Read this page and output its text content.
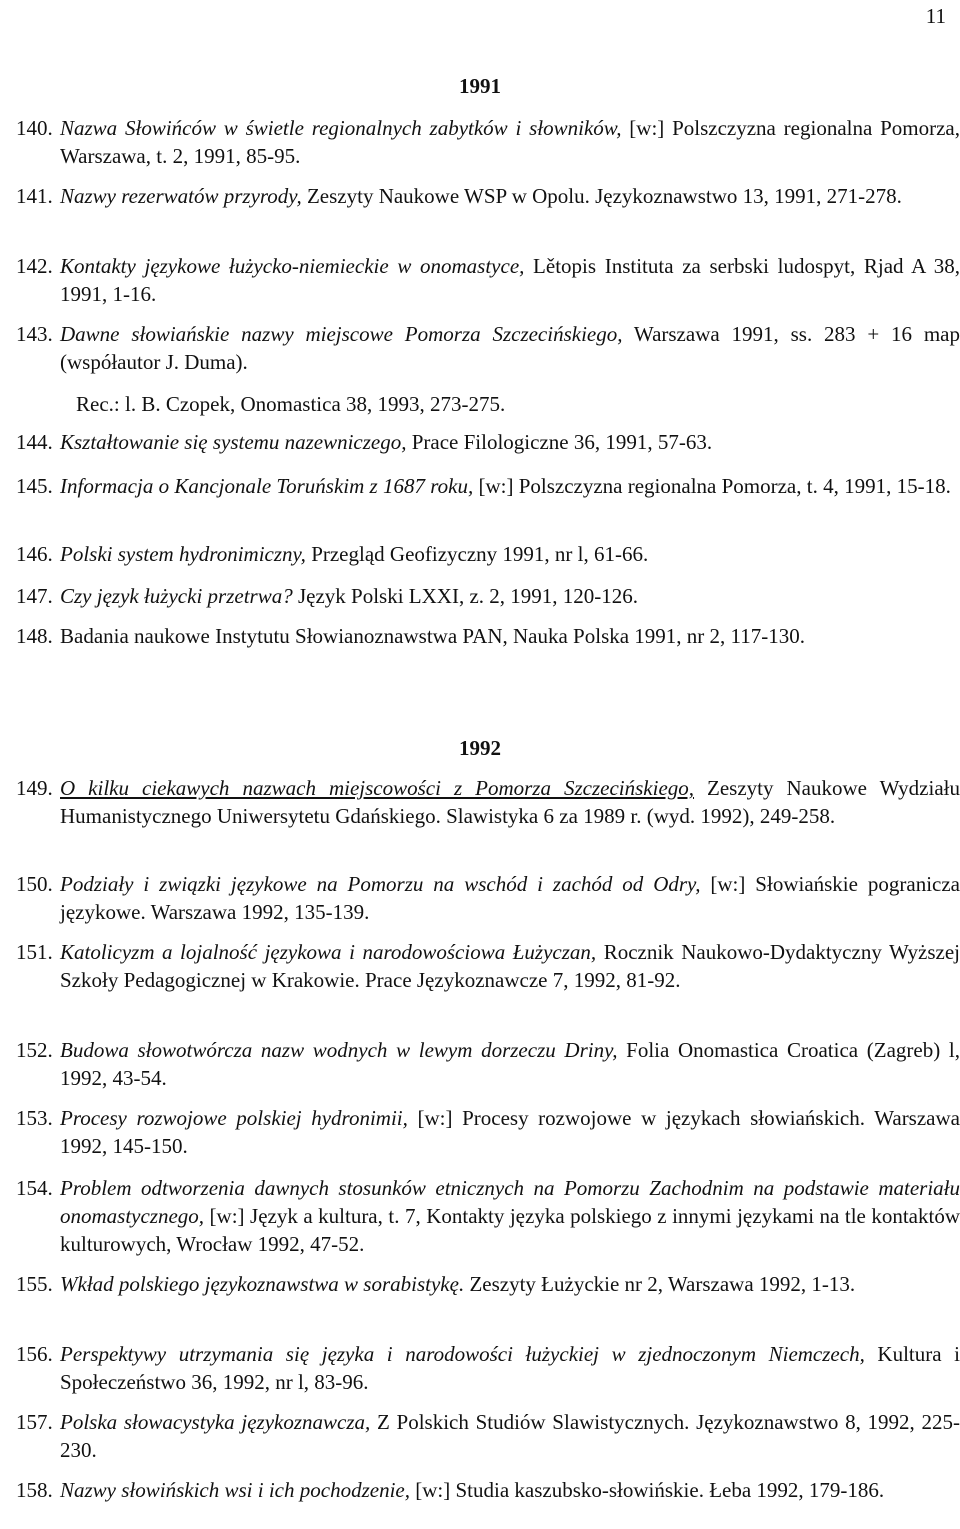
11
1991
140. Nazwa Słowińców w świetle regionalnych zabytków i słowników, [w:] Polszczyzna regionalna Pomorza, Warszawa, t. 2, 1991, 85-95.
141. Nazwy rezerwatów przyrody, Zeszyty Naukowe WSP w Opolu. Językoznawstwo 13, 1991, 271-278.
142. Kontakty językowe łużycko-niemieckie w onomastyce, Lětopis Instituta za serbski ludospyt, Rjad A 38, 1991, 1-16.
143. Dawne słowiańskie nazwy miejscowe Pomorza Szczecińskiego, Warszawa 1991, ss. 283 + 16 map (współautor J. Duma).
Rec.: l. B. Czopek, Onomastica 38, 1993, 273-275.
144. Kształtowanie się systemu nazewniczego, Prace Filologiczne 36, 1991, 57-63.
145. Informacja o Kancjonale Toruńskim z 1687 roku, [w:] Polszczyzna regionalna Pomorza, t. 4, 1991, 15-18.
146. Polski system hydronimiczny, Przegląd Geofizyczny 1991, nr l, 61-66.
147. Czy język łużycki przetrwa? Język Polski LXXI, z. 2, 1991, 120-126.
148. Badania naukowe Instytutu Słowianoznawstwa PAN, Nauka Polska 1991, nr 2, 117-130.
1992
149. O kilku ciekawych nazwach miejscowości z Pomorza Szczecińskiego, Zeszyty Naukowe Wydziału Humanistycznego Uniwersytetu Gdańskiego. Slawistyka 6 za 1989 r. (wyd. 1992), 249-258.
150. Podziały i związki językowe na Pomorzu na wschód i zachód od Odry, [w:] Słowiańskie pogranicza językowe. Warszawa 1992, 135-139.
151. Katolicyzm a lojalność językowa i narodowościowa Łużyczan, Rocznik Naukowo-Dydaktyczny Wyższej Szkoły Pedagogicznej w Krakowie. Prace Językoznawcze 7, 1992, 81-92.
152. Budowa słowotwórcza nazw wodnych w lewym dorzeczu Driny, Folia Onomastica Croatica (Zagreb) l, 1992, 43-54.
153. Procesy rozwojowe polskiej hydronimii, [w:] Procesy rozwojowe w językach słowiańskich. Warszawa 1992, 145-150.
154. Problem odtworzenia dawnych stosunków etnicznych na Pomorzu Zachodnim na podstawie materiału onomastycznego, [w:] Język a kultura, t. 7, Kontakty języka polskiego z innymi językami na tle kontaktów kulturowych, Wrocław 1992, 47-52.
155. Wkład polskiego językoznawstwa w sorabistykę. Zeszyty Łużyckie nr 2, Warszawa 1992, 1-13.
156. Perspektywy utrzymania się języka i narodowości łużyckiej w zjednoczonym Niemczech, Kultura i Społeczeństwo 36, 1992, nr l, 83-96.
157. Polska słowacystyka językoznawcza, Z Polskich Studiów Slawistycznych. Językoznawstwo 8, 1992, 225-230.
158. Nazwy słowińskich wsi i ich pochodzenie, [w:] Studia kaszubsko-słowińskie. Łeba 1992, 179-186.
